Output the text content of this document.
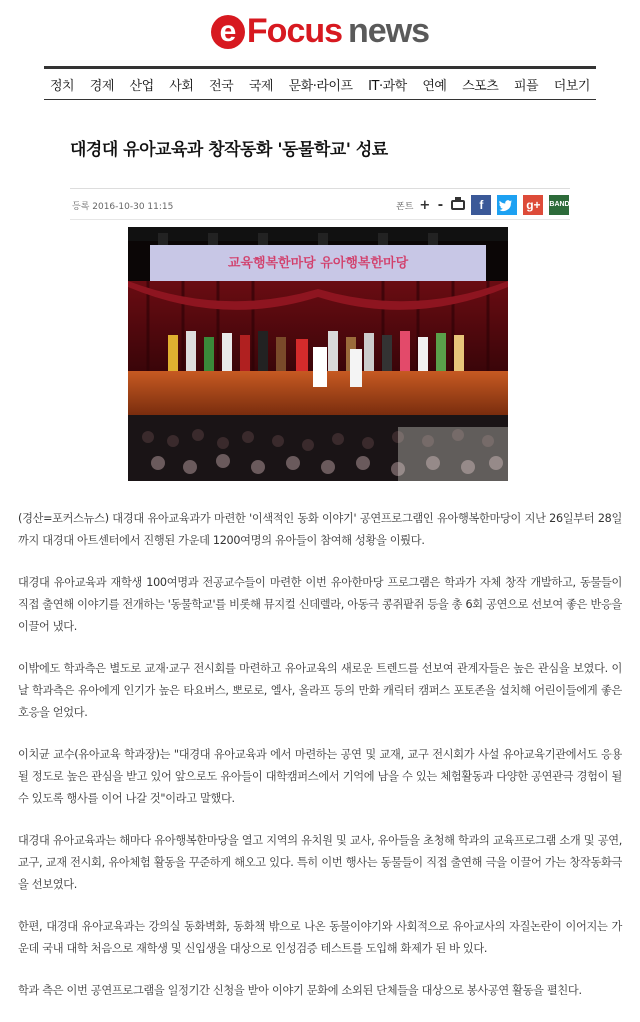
e Focus news
정치 경제 산업 사회 전국 국제 문화·라이프 IT·과학 연예 스포츠 피플 더보기
대경대 유아교육과 창작동화 '동물학교' 성료
등록 2016-10-30 11:15	폰트 + -	f	g+	BAND
교육행복한마당 유아행복한마당

(경산=포커스뉴스) 대경대 유아교육과가 마련한 '이색적인 동화 이야기' 공연프로그램인 유아행복한마당이 지난 26일부터 28일까지 대경대 아트센터에서 진행된 가운데 1200여명의 유아들이 참여해 성황을 이뤘다.

대경대 유아교육과 재학생 100여명과 전공교수들이 마련한 이번 유아한마당 프로그램은 학과가 자체 창작 개발하고, 동물들이 직접 출연해 이야기를 전개하는 '동물학교'를 비롯해 뮤지컬 신데렐라, 아동극 콩쥐팥쥐 등을 총 6회 공연으로 선보여 좋은 반응을 이끌어 냈다.

이밖에도 학과측은 별도로 교재·교구 전시회를 마련하고 유아교육의 새로운 트렌드를 선보여 관계자들은 높은 관심을 보였다. 이날 학과측은 유아에게 인기가 높은 타요버스, 뽀로로, 엘사, 올라프 등의 만화 캐릭터 캠퍼스 포토존을 설치해 어린이들에게 좋은 호응을 얻었다.

이치균 교수(유아교육 학과장)는 "대경대 유아교육과 에서 마련하는 공연 및 교재, 교구 전시회가 사설 유아교육기관에서도 응용될 정도로 높은 관심을 받고 있어 앞으로도 유아들이 대학캠퍼스에서 기억에 남을 수 있는 체험활동과 다양한 공연관극 경험이 될 수 있도록 행사를 이어 나갈 것"이라고 말했다.

대경대 유아교육과는 해마다 유아행복한마당을 열고 지역의 유치원 및 교사, 유아들을 초청해 학과의 교육프로그램 소개 및 공연, 교구, 교재 전시회, 유아체험 활동을 꾸준하게 해오고 있다. 특히 이번 행사는 동물들이 직접 출연해 극을 이끌어 가는 창작동화극을 선보였다.

한편, 대경대 유아교육과는 강의실 동화벽화, 동화책 밖으로 나온 동물이야기와 사회적으로 유아교사의 자질논란이 이어지는 가운데 국내 대학 처음으로 재학생 및 신입생을 대상으로 인성검증 테스트를 도입해 화제가 된 바 있다.

학과 측은 이번 공연프로그램을 일정기간 신청을 받아 이야기 문화에 소외된 단체들을 대상으로 봉사공연 활동을 펼친다.
